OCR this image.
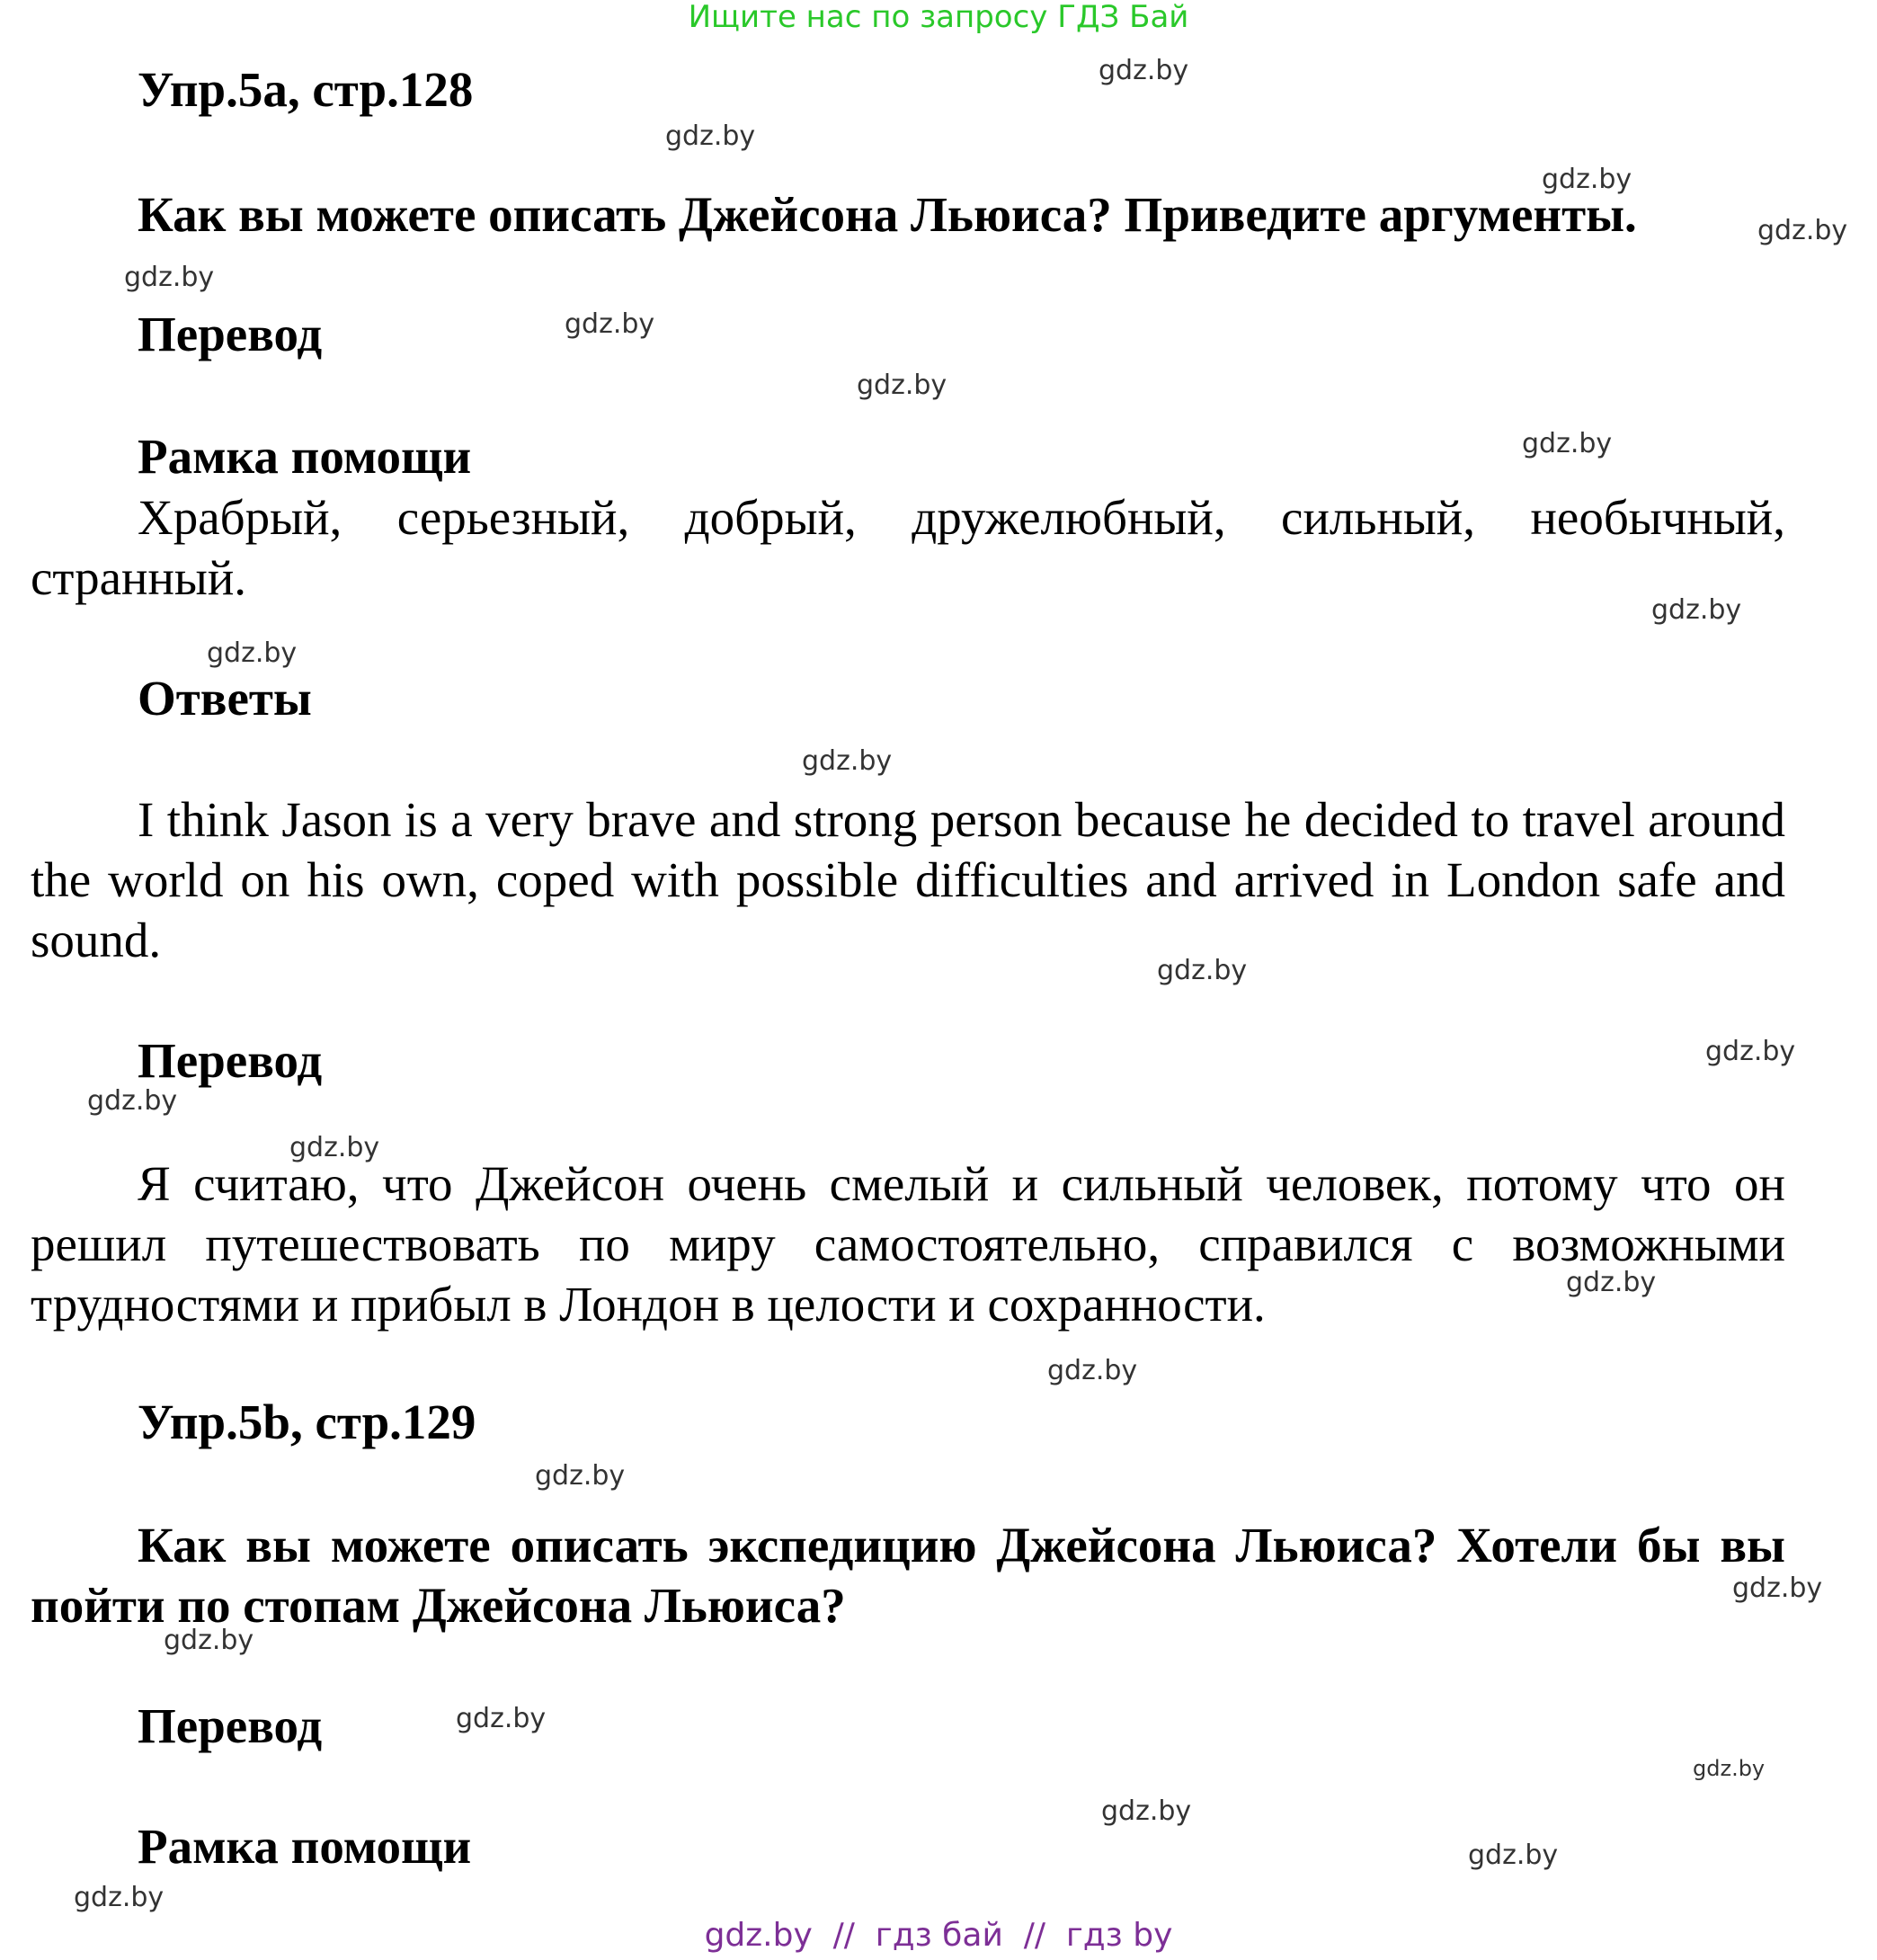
Ищите нас по запросу ГДЗ Бай
Упр.5a, стр.128
Как вы можете описать Джейсона Льюиса? Приведите аргументы.
Перевод
Рамка помощи
Храбрый, серьезный, добрый, дружелюбный, сильный, необычный, странный.
Ответы
I think Jason is a very brave and strong person because he decided to travel around the world on his own, coped with possible difficulties and arrived in London safe and sound.
Перевод
Я считаю, что Джейсон очень смелый и сильный человек, потому что он решил путешествовать по миру самостоятельно, справился с возможными трудностями и прибыл в Лондон в целости и сохранности.
Упр.5b, стр.129
Как вы можете описать экспедицию Джейсона Льюиса? Хотели бы вы пойти по стопам Джейсона Льюиса?
Перевод
Рамка помощи
gdz.by
gdz.by
gdz.by
gdz.by
gdz.by
gdz.by
gdz.by
gdz.by
gdz.by
gdz.by
gdz.by
gdz.by
gdz.by
gdz.by
gdz.by
gdz.by
gdz.by
gdz.by
gdz.by
gdz.by
gdz.by
gdz.by
gdz.by
gdz.by
gdz.by
gdz.by  //  гдз бай  //  гдз by
